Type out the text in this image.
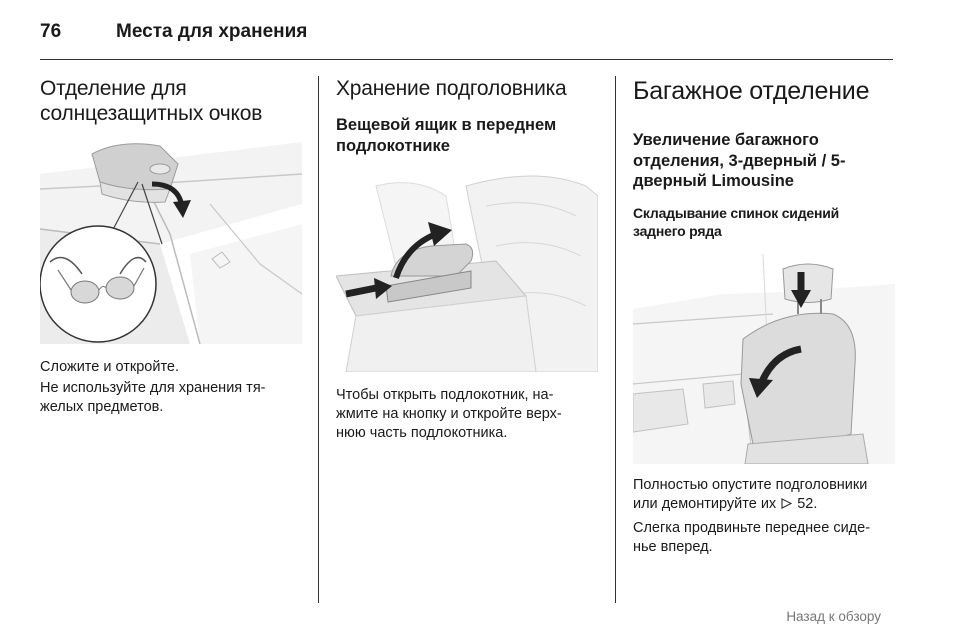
76	Места для хранения
Отделение для солнцезащитных очков

Сложите и откройте.

Не используйте для хранения тя-

желых предметов.

Хранение подголовника
Вещевой ящик в переднем подлокотнике

Чтобы открыть подлокотник, на-

жмите на кнопку и откройте верх-

нюю часть подлокотника.

Багажное отделение
Увеличение багажного отделения, 3-дверный / 5-дверный Limousine
Складывание спинок сидений заднего ряда

Полностью опустите подголовники

или демонтируйте их 52.

Слегка продвиньте переднее сиде-

нье вперед.

Назад к обзору
